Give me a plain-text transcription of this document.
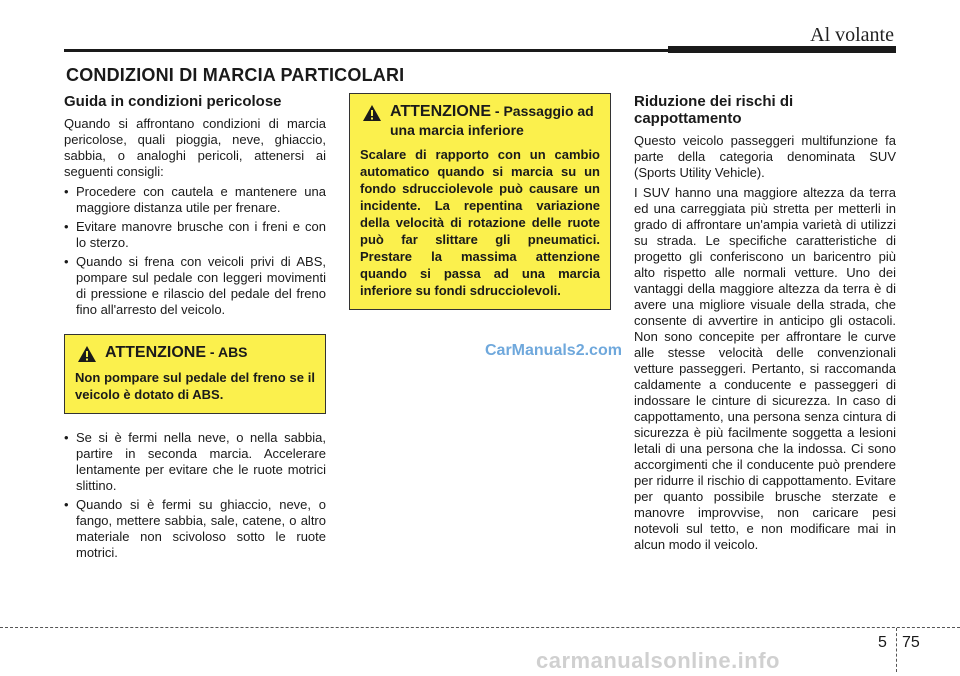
Al volante
CONDIZIONI DI MARCIA PARTICOLARI
Guida in condizioni pericolose

Quando si affrontano condizioni di marcia pericolose, quali pioggia, neve, ghiaccio, sabbia, o analoghi pericoli, attenersi ai seguenti consigli:

• Procedere con cautela e mantenere una maggiore distanza utile per frenare.
• Evitare manovre brusche con i freni e con lo sterzo.
• Quando si frena con veicoli privi di ABS, pompare sul pedale con leggeri movimenti di pressione e rilascio del pedale del freno fino all'arresto del veicolo.
ATTENZIONE - ABS
Non pompare sul pedale del freno se il veicolo è dotato di ABS.
• Se si è fermi nella neve, o nella sabbia, partire in seconda marcia. Accelerare lentamente per evitare che le ruote motrici slittino.
• Quando si è fermi su ghiaccio, neve, o fango, mettere sabbia, sale, catene, o altro materiale non scivoloso sotto le ruote motrici.
ATTENZIONE - Passaggio ad una marcia inferiore
Scalare di rapporto con un cambio automatico quando si marcia su un fondo sdrucciolevole può causare un incidente. La repentina variazione della velocità di rotazione delle ruote può far slittare gli pneumatici. Prestare la massima attenzione quando si passa ad una marcia inferiore su fondi sdrucciolevoli.
CarManuals2.com
Riduzione dei rischi di cappottamento

Questo veicolo passeggeri multifunzione fa parte della categoria denominata SUV (Sports Utility Vehicle).

I SUV hanno una maggiore altezza da terra ed una carreggiata più stretta per metterli in grado di affrontare un'ampia varietà di utilizzi su strada. Le specifiche caratteristiche di progetto gli conferiscono un baricentro più alto rispetto alle normali vetture. Uno dei vantaggi della maggiore altezza da terra è di avere una migliore visuale della strada, che consente di avvertire in anticipo gli ostacoli. Non sono concepite per affrontare le curve alle stesse velocità delle convenzionali vetture passeggeri. Pertanto, si raccomanda caldamente a conducente e passeggeri di indossare le cinture di sicurezza. In caso di cappottamento, una persona senza cintura di sicurezza è più facilmente soggetta a lesioni letali di una persona che la indossa. Ci sono accorgimenti che il conducente può prendere per ridurre il rischio di cappottamento. Evitare per quanto possibile brusche sterzate e manovre improvvise, non caricare pesi notevoli sul tetto, e non modificare mai in alcun modo il veicolo.

5 75
carmanualsonline.info
